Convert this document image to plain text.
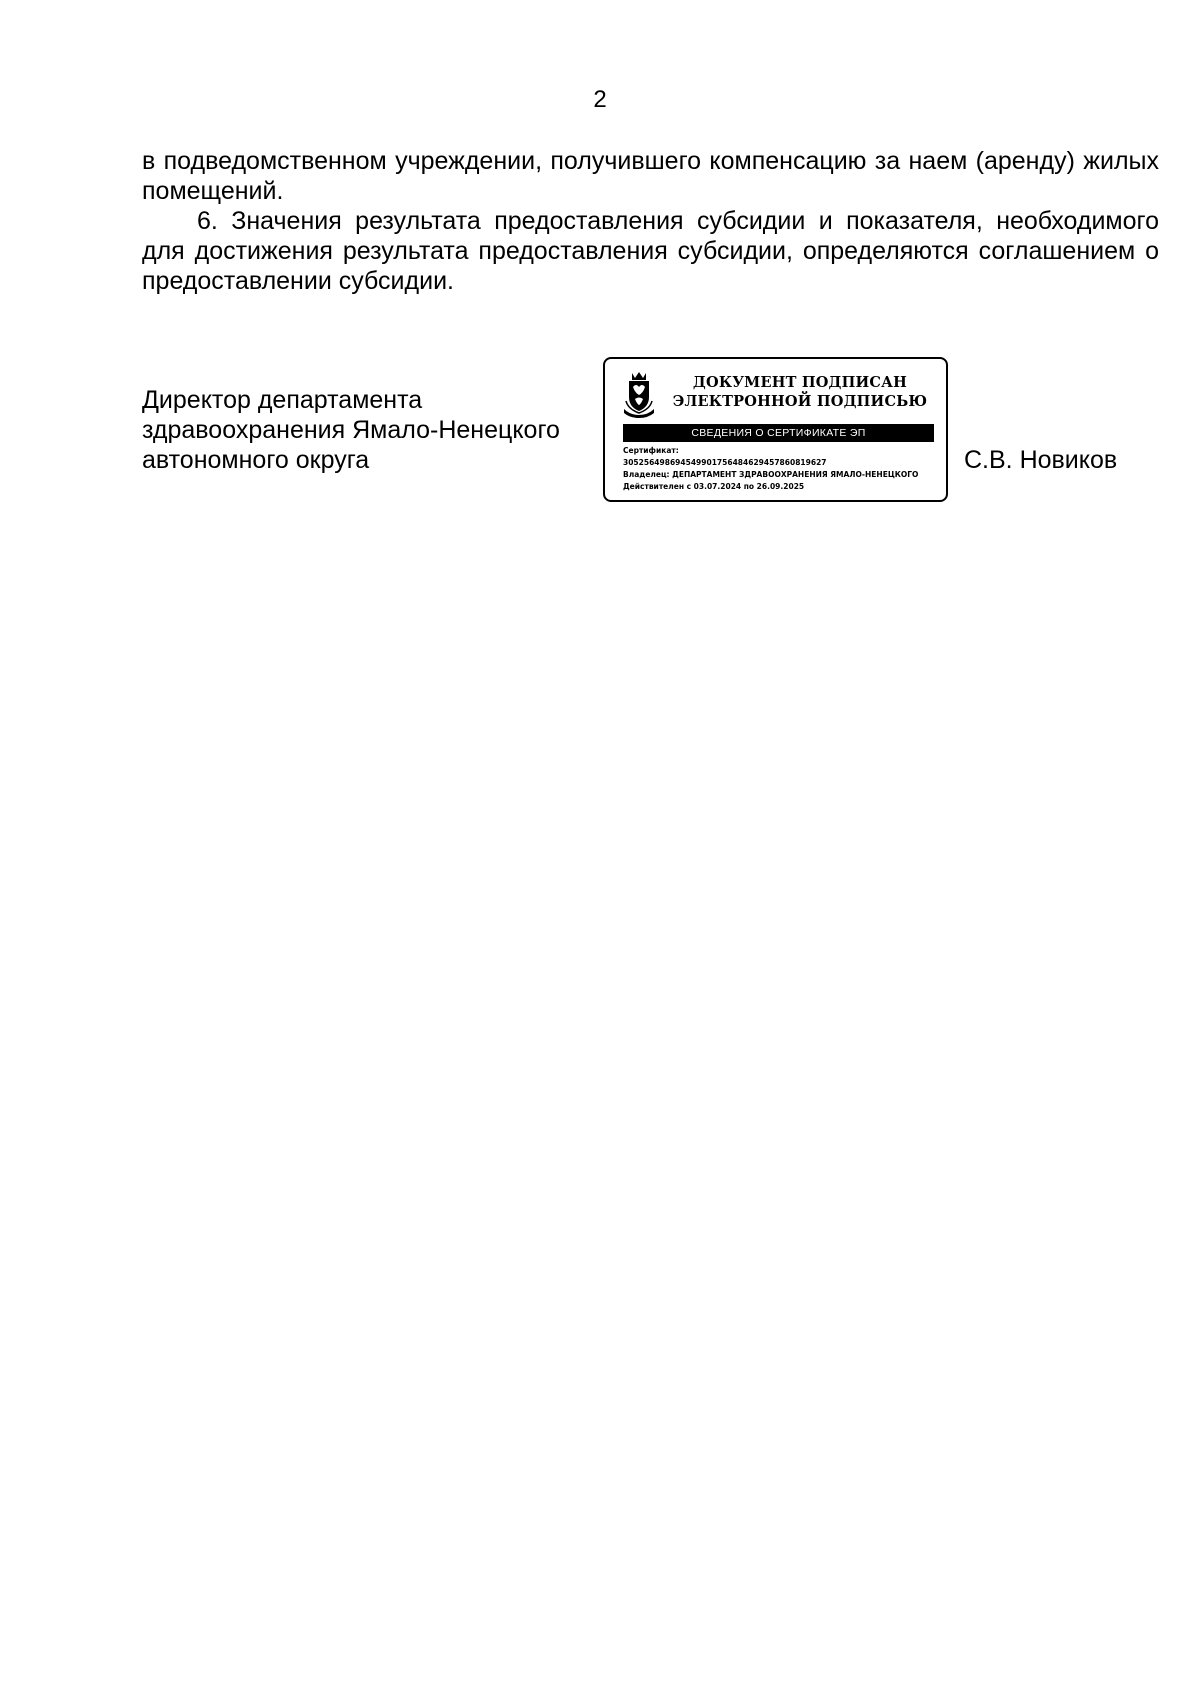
2

в подведомственном учреждении, получившего компенсацию за наем (аренду) жилых помещений.

6. Значения результата предоставления субсидии и показателя, необходимого для достижения результата предоставления субсидии, определяются соглашением о предоставлении субсидии.

Директор департамента
здравоохранения Ямало-Ненецкого
автономного округа
ДОКУМЕНТ ПОДПИСАН
ЭЛЕКТРОННОЙ ПОДПИСЬЮ
СВЕДЕНИЯ О СЕРТИФИКАТЕ ЭП
Сертификат:
305256498694549901756484629457860819627
Владелец: ДЕПАРТАМЕНТ ЗДРАВООХРАНЕНИЯ ЯМАЛО-НЕНЕЦКОГО
Действителен с 03.07.2024 по 26.09.2025
С.В. Новиков
